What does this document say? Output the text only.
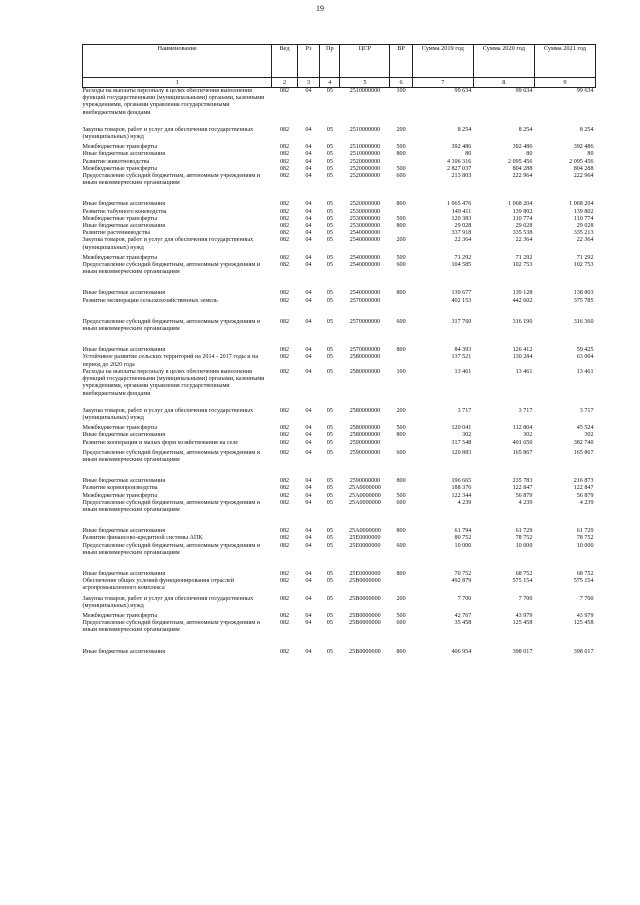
19
Наименование	Вед	Рз	Пр	ЦСР	ВР	Сумма 2019 год	Сумма 2020 год	Сумма 2021 год
1	2	3	4	5	6	7	8	9
Расходы на выплаты персоналу в целях обеспечения выполнения функций государственными (муниципальными) органами, казенными учреждениями, органами управления государственными внебюджетными фондами	082	04	05	2510000000	100	99 634	99 634	99 634
Закупка товаров, работ и услуг для обеспечения государственных (муниципальных) нужд	082	04	05	2510000000	200	8 254	8 254	8 254
Межбюджетные трансферты	082	04	05	2510000000	500	392 486	392 486	392 486
Иные бюджетные ассигнования	082	04	05	2510000000	800	80	80	80
Развитие животноводства	082	04	05	2520000000		4 106 316	2 095 456	2 095 456
Межбюджетные трансферты	082	04	05	2520000000	500	2 827 037	804 288	804 288
Предоставление субсидий бюджетным, автономным учреждениям и иным некоммерческим организациям	082	04	05	2520000000	600	213 803	222 964	222 964
Иные бюджетные ассигнования	082	04	05	2520000000	800	1 065 476	1 068 204	1 068 204
Развитие табунного коневодства	082	04	05	2530000000		149 411	139 802	139 802
Межбюджетные трансферты	082	04	05	2530000000	500	120 383	110 774	110 774
Иные бюджетные ассигнования	082	04	05	2530000000	800	29 028	29 028	29 028
Развитие растениеводства	082	04	05	2540000000		337 918	335 538	335 213
Закупка товаров, работ и услуг для обеспечения государственных (муниципальных) нужд	082	04	05	2540000000	200	22 364	22 364	22 364
Межбюджетные трансферты	082	04	05	2540000000	500	71 292	71 292	71 292
Предоставление субсидий бюджетным, автономным учреждениям и иным некоммерческим организациям	082	04	05	2540000000	600	104 585	102 753	102 753
Иные бюджетные ассигнования	082	04	05	2540000000	800	139 677	139 128	138 803
Развитие мелиорации сельскохозяйственных земель	082	04	05	2570000000		402 153	442 602	375 785
Предоставление субсидий бюджетным, автономным учреждениям и иным некоммерческим организациям	082	04	05	2570000000	600	317 760	316 190	316 360
Иные бюджетные ассигнования	082	04	05	2570000000	800	84 393	126 412	59 425
Устойчивое развитие сельских территорий на 2014 - 2017 годы и на период до 2020 года	082	04	05	2580000000		137 521	130 284	63 004
Расходы на выплаты персоналу в целях обеспечения выполнения функций государственными (муниципальными) органами, казенными учреждениями, органами управления государственными внебюджетными фондами	082	04	05	2580000000	100	13 461	13 461	13 461
Закупка товаров, работ и услуг для обеспечения государственных (муниципальных) нужд	082	04	05	2580000000	200	3 717	3 717	3 717
Межбюджетные трансферты	082	04	05	2580000000	500	120 041	112 804	45 524
Иные бюджетные ассигнования	082	04	05	2580000000	800	302	302	302
Развитие кооперации и малых форм хозяйствования на селе	082	04	05	2590000000		317 548	401 650	382 740
Предоставление субсидий бюджетным, автономным учреждениям и иным некоммерческим организациям	082	04	05	2590000000	600	120 883	165 867	165 867
Иные бюджетные ассигнования	082	04	05	2590000000	800	196 665	235 783	216 873
Развитие кормопроизводства	082	04	05	25А0000000		188 376	122 847	122 847
Межбюджетные трансферты	082	04	05	25А0000000	500	122 344	56 879	56 879
Предоставление субсидий бюджетным, автономным учреждениям и иным некоммерческим организациям	082	04	05	25А0000000	600	4 239	4 239	4 239
Иные бюджетные ассигнования	082	04	05	25А0000000	800	61 794	61 729	61 729
Развитие финансово-кредитной системы АПК	082	04	05	25Е0000000		80 752	78 752	78 752
Предоставление субсидий бюджетным, автономным учреждениям и иным некоммерческим организациям	082	04	05	25Е0000000	600	10 000	10 000	10 000
Иные бюджетные ассигнования	082	04	05	25Е0000000	800	70 752	68 752	68 752
Обеспечение общих условий функционирования отраслей агропромышленного комплекса	082	04	05	25В0000000		492 879	575 154	575 154
Закупка товаров, работ и услуг для обеспечения государственных (муниципальных) нужд	082	04	05	25В0000000	200	7 700	7 700	7 700
Межбюджетные трансферты	082	04	05	25В0000000	500	42 767	43 979	43 979
Предоставление субсидий бюджетным, автономным учреждениям и иным некоммерческим организациям	082	04	05	25В0000000	600	35 458	125 458	125 458
Иные бюджетные ассигнования	082	04	05	25В0000000	800	406 954	398 017	398 017
